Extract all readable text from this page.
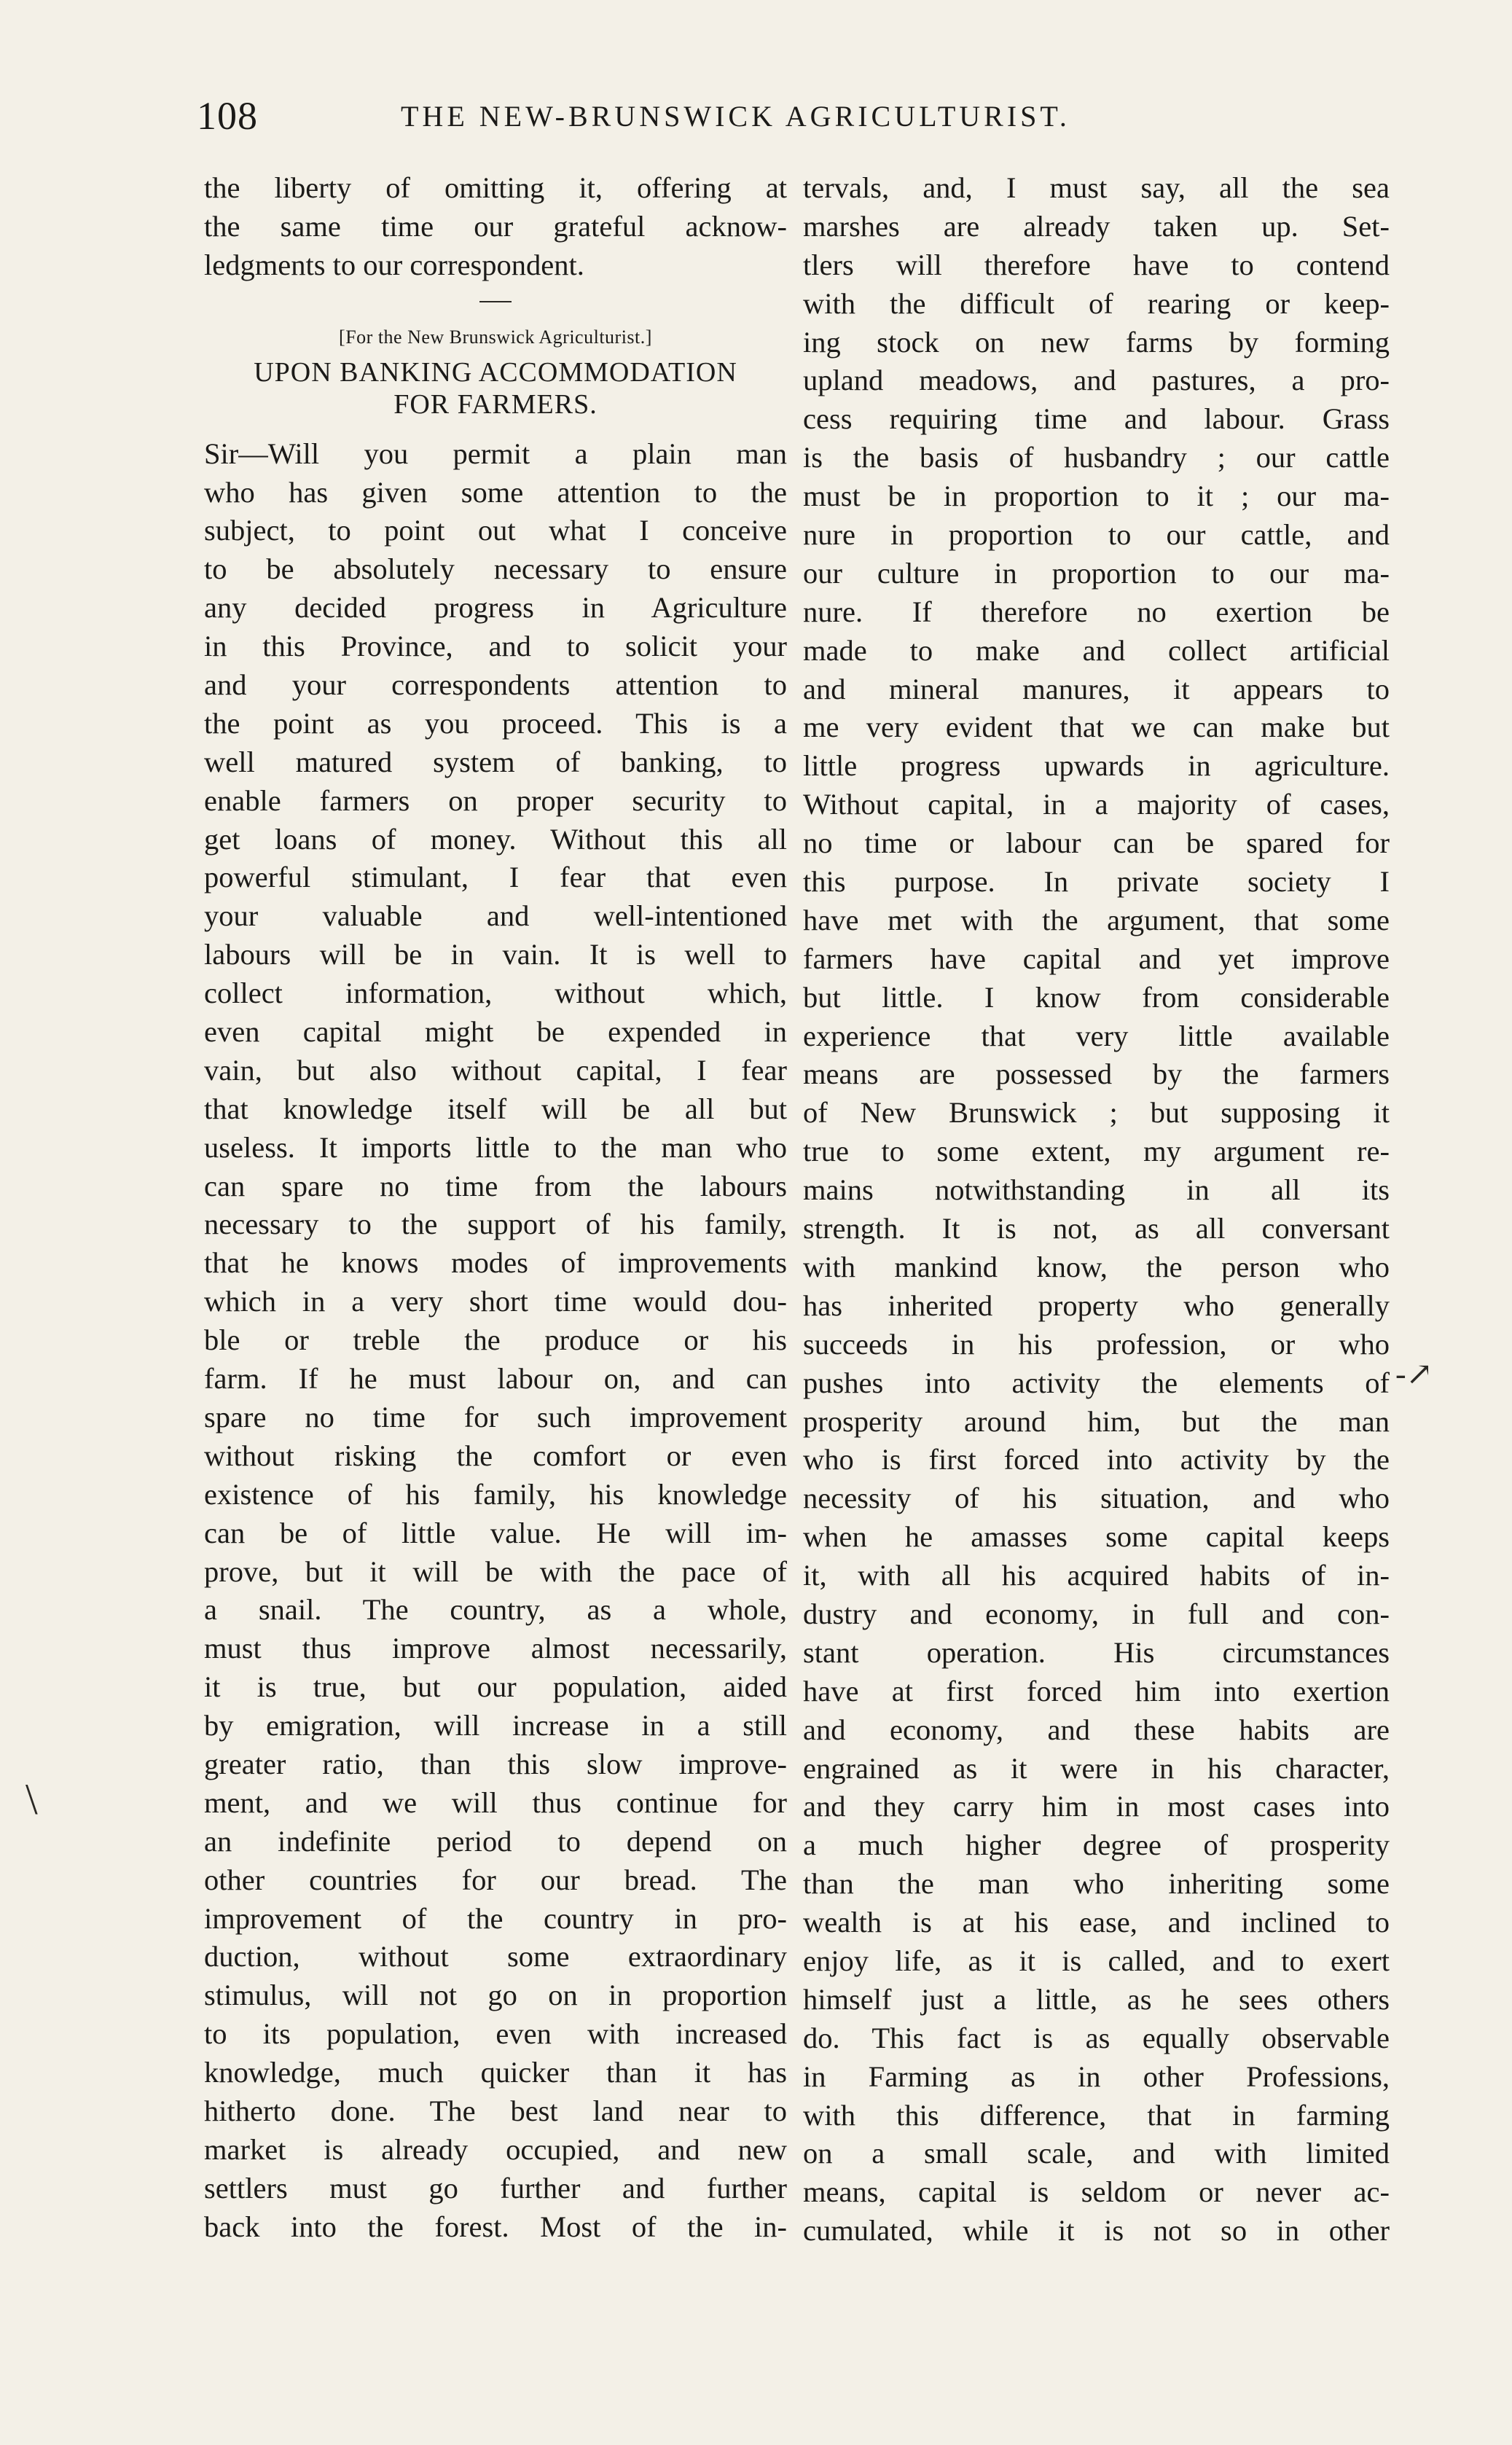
108	THE NEW-BRUNSWICK AGRICULTURIST.
the liberty of omitting it, offering at
the same time our grateful acknow-
ledgments to our correspondent.
[For the New Brunswick Agriculturist.]
UPON BANKING ACCOMMODATION
FOR FARMERS.
Sir—Will you permit a plain man
who has given some attention to the
subject, to point out what I conceive
to be absolutely necessary to ensure
any decided progress in Agriculture
in this Province, and to solicit your
and your correspondents attention to
the point as you proceed. This is a
well matured system of banking, to
enable farmers on proper security to
get loans of money. Without this all
powerful stimulant, I fear that even
your valuable and well-intentioned
labours will be in vain. It is well to
collect information, without which,
even capital might be expended in
vain, but also without capital, I fear
that knowledge itself will be all but
useless. It imports little to the man who
can spare no time from the labours
necessary to the support of his family,
that he knows modes of improvements
which in a very short time would dou-
ble or treble the produce or his
farm. If he must labour on, and can
spare no time for such improvement
without risking the comfort or even
existence of his family, his knowledge
can be of little value. He will im-
prove, but it will be with the pace of
a snail. The country, as a whole,
must thus improve almost necessarily,
it is true, but our population, aided
by emigration, will increase in a still
greater ratio, than this slow improve-
ment, and we will thus continue for
an indefinite period to depend on
other countries for our bread. The
improvement of the country in pro-
duction, without some extraordinary
stimulus, will not go on in proportion
to its population, even with increased
knowledge, much quicker than it has
hitherto done. The best land near to
market is already occupied, and new
settlers must go further and further
back into the forest. Most of the in-
tervals, and, I must say, all the sea
marshes are already taken up. Set-
tlers will therefore have to contend
with the difficult of rearing or keep-
ing stock on new farms by forming
upland meadows, and pastures, a pro-
cess requiring time and labour. Grass
is the basis of husbandry ; our cattle
must be in proportion to it ; our ma-
nure in proportion to our cattle, and
our culture in proportion to our ma-
nure. If therefore no exertion be
made to make and collect artificial
and mineral manures, it appears to
me very evident that we can make but
little progress upwards in agriculture.
Without capital, in a majority of cases,
no time or labour can be spared for
this purpose. In private society I
have met with the argument, that some
farmers have capital and yet improve
but little. I know from considerable
experience that very little available
means are possessed by the farmers
of New Brunswick ; but supposing it
true to some extent, my argument re-
mains notwithstanding in all its
strength. It is not, as all conversant
with mankind know, the person who
has inherited property who generally
succeeds in his profession, or who
pushes into activity the elements of
prosperity around him, but the man
who is first forced into activity by the
necessity of his situation, and who
when he amasses some capital keeps
it, with all his acquired habits of in-
dustry and economy, in full and con-
stant operation. His circumstances
have at first forced him into exertion
and economy, and these habits are
engrained as it were in his character,
and they carry him in most cases into
a much higher degree of prosperity
than the man who inheriting some
wealth is at his ease, and inclined to
enjoy life, as it is called, and to exert
himself just a little, as he sees others
do. This fact is as equally observable
in Farming as in other Professions,
with this difference, that in farming
on a small scale, and with limited
means, capital is seldom or never ac-
cumulated, while it is not so in other
\
-↗
